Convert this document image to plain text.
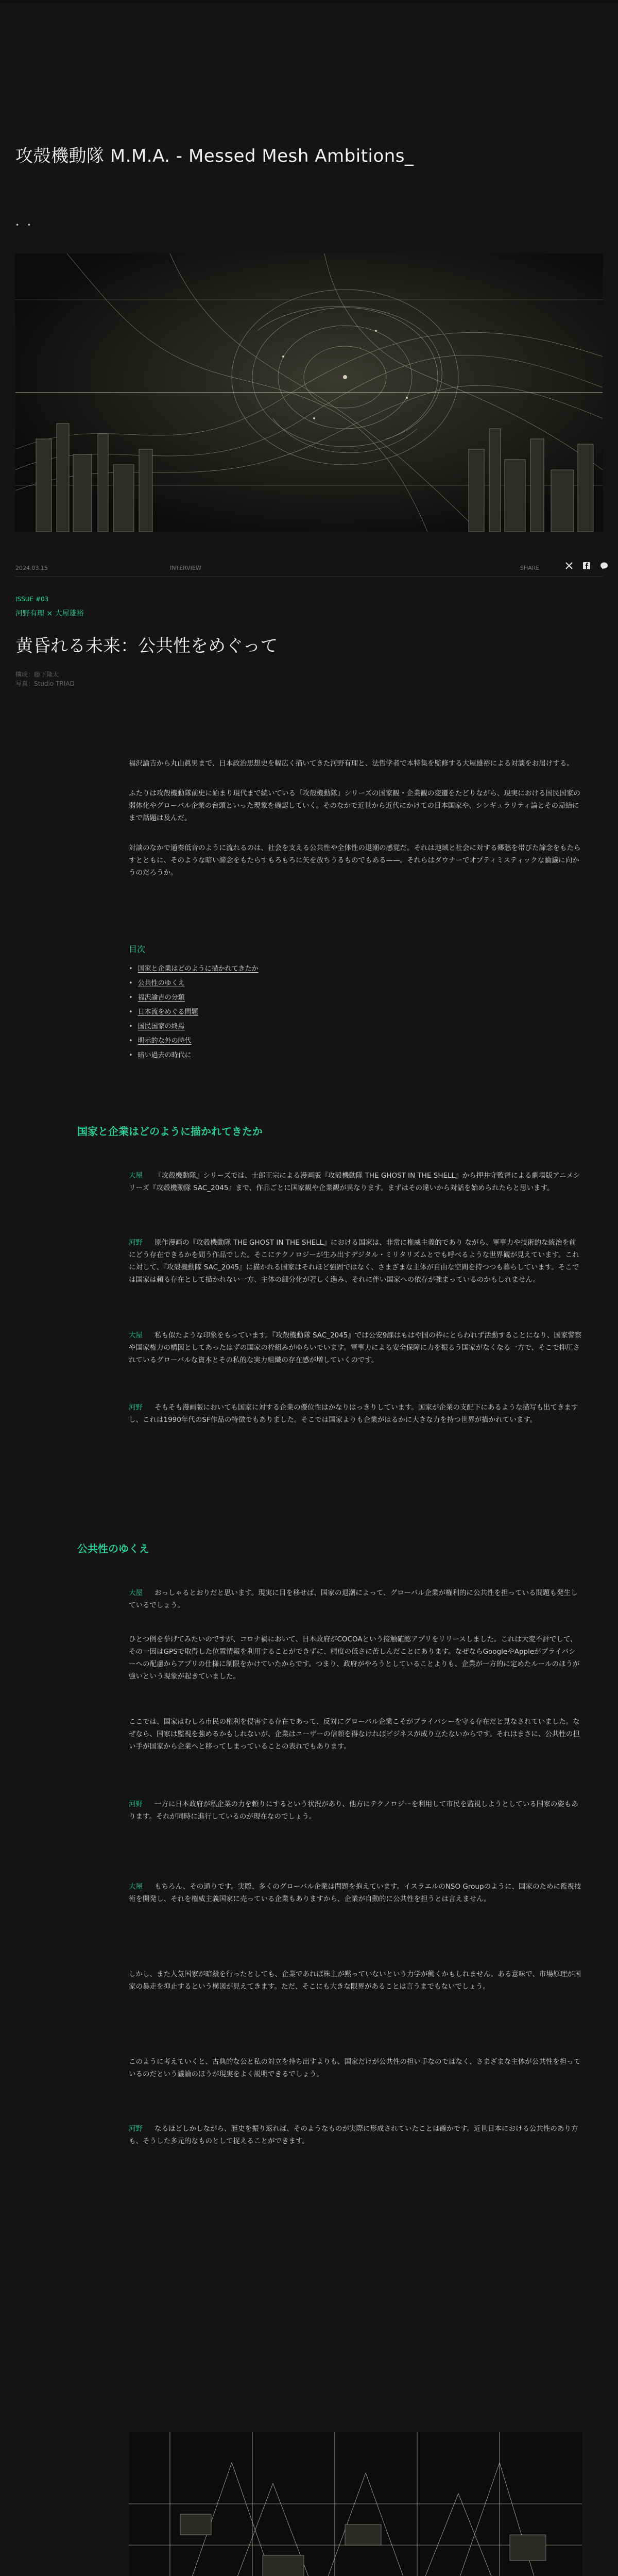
攻殻機動隊 M.M.A. - Messed Mesh Ambitions_
• •
2024.03.15	INTERVIEW	SHARE
ISSUE #03
河野有理 × 大屋雄裕
黄昏れる未来：公共性をめぐって
構成：藤下隆太
写真：Studio TRIAD

福沢諭吉から丸山眞男まで、日本政治思想史を幅広く描いてきた河野有理と、法哲学者で本特集を監修する大屋雄裕による対談をお届けする。

ふたりは攻殻機動隊前史に始まり現代まで続いている「攻殻機動隊」シリーズの国家観・企業観の変遷をたどりながら、現実における国民国家の弱体化やグローバル企業の台頭といった現象を確認していく。そのなかで近世から近代にかけての日本国家や、シンギュラリティ論とその帰結にまで話題は及んだ。

対談のなかで通奏低音のように流れるのは、社会を支える公共性や全体性の退潮の感覚だ。それは地域と社会に対する郷愁を帯びた諦念をもたらすとともに、そのような暗い諦念をもたらすもろもろに矢を放ちうるものでもある——。それらはダウナーでオプティミスティックな論議に向かうのだろうか。

目次
• 国家と企業はどのように描かれてきたか
• 公共性のゆくえ
• 福沢諭吉の分類
• 日本流をめぐる問題
• 国民国家の終焉
• 明示的な外の時代
• 暗い過去の時代に
国家と企業はどのように描かれてきたか
大屋	『攻殻機動隊』シリーズでは、士郎正宗による漫画版『攻殻機動隊 THE GHOST IN THE SHELL』から押井守監督による劇場版アニメシリーズ『攻殻機動隊 SAC_2045』まで、作品ごとに国家観や企業観が異なります。まずはその違いから対話を始められたらと思います。

河野	原作漫画の『攻殻機動隊 THE GHOST IN THE SHELL』における国家は、非常に権威主義的であり ながら、軍事力や技術的な統治を前にどう存在できるかを問う作品でした。そこにテクノロジーが生み出すデジタル・ミリタリズムとでも呼べるような世界観が見えています。これに対して、『攻殻機動隊 SAC_2045』に描かれる国家はそれほど強固ではなく、さまざまな主体が自由な空間を持つつも暮らしています。そこでは国家は頼る存在として描かれない一方、主体の細分化が著しく進み、それに伴い国家への依存が強まっているのかもしれません。

大屋	私も似たような印象をもっています。『攻殻機動隊 SAC_2045』では公安9課はもはや国の枠にとらわれず活動することになり、国家警察や国家権力の構図としてあったはずの国家の枠組みがゆらいでいます。軍事力による安全保障に力を振るう国家がなくなる一方で、そこで抑圧されているグローバルな資本とその私的な実力組織の存在感が増していくのです。

河野	そもそも漫画版においても国家に対する企業の優位性はかなりはっきりしています。国家が企業の支配下にあるような描写も出てきますし、これは1990年代のSF作品の特徴でもありました。そこでは国家よりも企業がはるかに大きな力を持つ世界が描かれています。

公共性のゆくえ
大屋	おっしゃるとおりだと思います。現実に目を移せば、国家の退潮によって、グローバル企業が権利的に公共性を担っている問題も発生しているでしょう。

ひとつ例を挙げてみたいのですが、コロナ禍において、日本政府がCOCOAという接触確認アプリをリリースしました。これは大変不評でして、その一因はGPSで取得した位置情報を利用することができずに、精度の低さに苦しんだことにあります。なぜならGoogleやAppleがプライバシーへの配慮からアプリの仕様に制限をかけていたからです。つまり、政府がやろうとしていることよりも、企業が一方的に定めたルールのほうが強いという現象が起きていました。

ここでは、国家はむしろ市民の権利を侵害する存在であって、反対にグローバル企業こそがプライバシーを守る存在だと見なされていました。なぜなら、国家は監視を強めるかもしれないが、企業はユーザーの信頼を得なければビジネスが成り立たないからです。それはまさに、公共性の担い手が国家から企業へと移ってしまっていることの表れでもあります。

河野	一方に日本政府が私企業の力を頼りにするという状況があり、他方にテクノロジーを利用して市民を監視しようとしている国家の姿もあります。それが同時に進行しているのが現在なのでしょう。

大屋	もちろん、その通りです。実際、多くのグローバル企業は問題を抱えています。イスラエルのNSO Groupのように、国家のために監視技術を開発し、それを権威主義国家に売っている企業もありますから、企業が自動的に公共性を担うとは言えません。

しかし、また人気国家が暗殺を行ったとしても、企業であれば株主が黙っていないという力学が働くかもしれません。ある意味で、市場原理が国家の暴走を抑止するという構図が見えてきます。ただ、そこにも大きな限界があることは言うまでもないでしょう。

このように考えていくと、古典的な公と私の対立を持ち出すよりも、国家だけが公共性の担い手なのではなく、さまざまな主体が公共性を担っているのだという議論のほうが現実をよく説明できるでしょう。

河野	なるほどしかしながら、歴史を振り返れば、そのようなものが実際に形成されていたことは確かです。近世日本における公共性のあり方も、そうした多元的なものとして捉えることができます。
